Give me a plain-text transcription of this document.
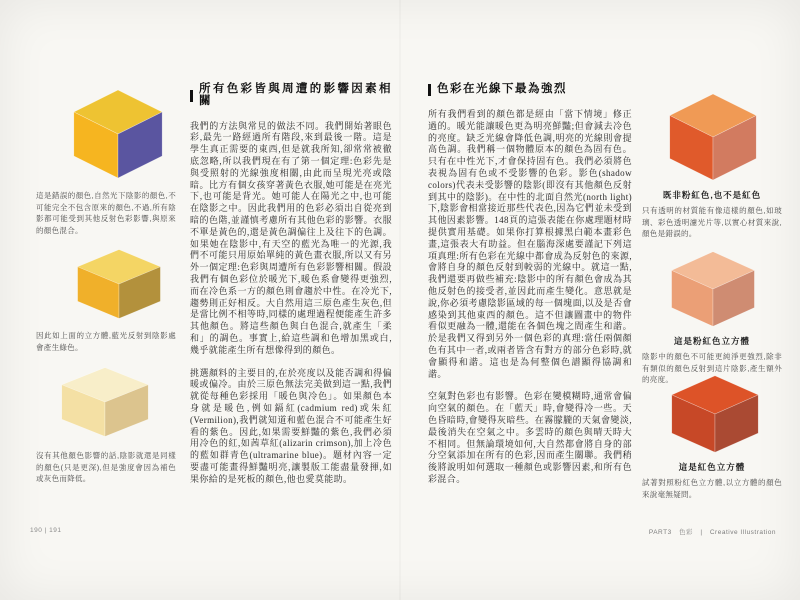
這是錯誤的顏色,自然光下陰影的顏色,不可能完全不包含原來的顏色,不過,所有陰影都可能受到其他反射色彩影響,與原來的顏色混合。
因此如上面的立方體,藍光反射到陰影處會產生綠色。
沒有其他顏色影響的話,陰影就還是同樣的顏色(只是更深),但是強度會因為補色或灰色而降低。
所有色彩皆與周遭的影響因素相關

我們的方法與常見的做法不同。我們開始著眼色彩,最先一路經過所有階段,來到最後一階。這是學生真正需要的東西,但是就我所知,卻常常被徹底忽略,所以我們現在有了第一個定理:色彩先是與受照射的光線強度相關,由此而呈現光亮或陰暗。比方有個女孩穿著黃色衣服,她可能是在亮光下,也可能是背光。她可能人在陽光之中,也可能在陰影之中。因此我們用的色彩必須出自從亮到暗的色階,並謹慎考慮所有其他色彩的影響。衣服不單是黃色的,還是黃色調偏往上及往下的色調。如果她在陰影中,有天空的藍光為唯一的光源,我們不可能只用原始單純的黃色畫衣服,所以又有另外一個定理:色彩與周遭所有色彩影響相關。假設我們有個色彩位於暖光下,暖色系會變得更強烈,而在冷色系一方的顏色則會趨於中性。在冷光下,趨勢則正好相反。大自然用這三原色產生灰色,但是當比例不相等時,同樣的處理過程便能產生許多其他顏色。將這些顏色與白色混合,就產生「柔和」的調色。事實上,給這些調和色增加黑或白,幾乎就能產生所有想像得到的顏色。

挑選顏料的主要目的,在於亮度以及能否調和得偏暖或偏冷。由於三原色無法完美做到這一點,我們就從每種色彩採用「暖色與冷色」。如果顏色本身就是暖色,例如鎘紅(cadmium red)或朱紅(Vermilion),我們就知道和藍色混合不可能產生好看的紫色。因此,如果需要鮮豔的紫色,我們必須用冷色的紅,如茜草紅(alizarin crimson),加上冷色的藍如群青色(ultramarine blue)。題材內容一定要盡可能畫得鮮豔明亮,讓製版工能盡量發揮,如果你給的是死板的顏色,他也愛莫能助。

色彩在光線下最為強烈

所有我們看到的顏色都是經由「當下情境」修正過的。暖光能讓暖色更為明亮鮮豔;但會減去冷色的亮度。缺乏光線會降低色調,明亮的光線則會提高色調。我們稱一個物體原本的顏色為固有色。只有在中性光下,才會保持固有色。我們必須將色表視為固有色或不受影響的色彩。影色(shadow colors)代表未受影響的陰影(即沒有其他顏色反射到其中的陰影)。在中性的北面自然光(north light)下,陰影會相當接近那些代表色,因為它們並未受到其他因素影響。148頁的這張表能在你處理題材時提供實用基礎。如果你打算根據黑白範本畫彩色畫,這張表大有助益。但在腦海深處要謹記下列這項真理:所有色彩在光線中都會成為反射色的來源,會將自身的顏色反射到較弱的光線中。就這一點,我們還要再做些補充:陰影中的所有顏色會成為其他反射色的接受者,並因此而產生變化。意思就是說,你必須考慮陰影區域的每一個塊面,以及是否會感染到其他東西的顏色。這不但讓圖畫中的物件看似更融為一體,還能在各個色塊之間產生和諧。於是我們又得到另外一個色彩的真理:當任兩個顏色有其中一者,或兩者皆含有對方的部分色彩時,就會顯得和諧。這也是為何整個色譜顯得協調和諧。

空氣對色彩也有影響。色彩在變模糊時,通常會偏向空氣的顏色。在「藍天」時,會變得冷一些。天色昏暗時,會變得灰暗些。在霧朦朧的天氣會變淡,最後消失在空氣之中。多雲時的顏色與晴天時大不相同。但無論環境如何,大自然都會將自身的部分空氣添加在所有的色彩,因而產生關聯。我們稍後將說明如何選取一種顏色或影響因素,和所有色彩混合。

既非粉紅色,也不是紅色
只有透明的材質能有像這樣的顏色,如玻璃、彩色透明濾光片等,以實心材質來說,顏色是錯誤的。
這是粉紅色立方體
陰影中的顏色不可能更純淨更強烈,除非有類似的顏色反射到這片陰影,產生額外的亮度。
這是紅色立方體
試著對照粉紅色立方體,以立方體的顏色來說毫無疑問。
190 | 191	PART3 色彩 | Creative Illustration
